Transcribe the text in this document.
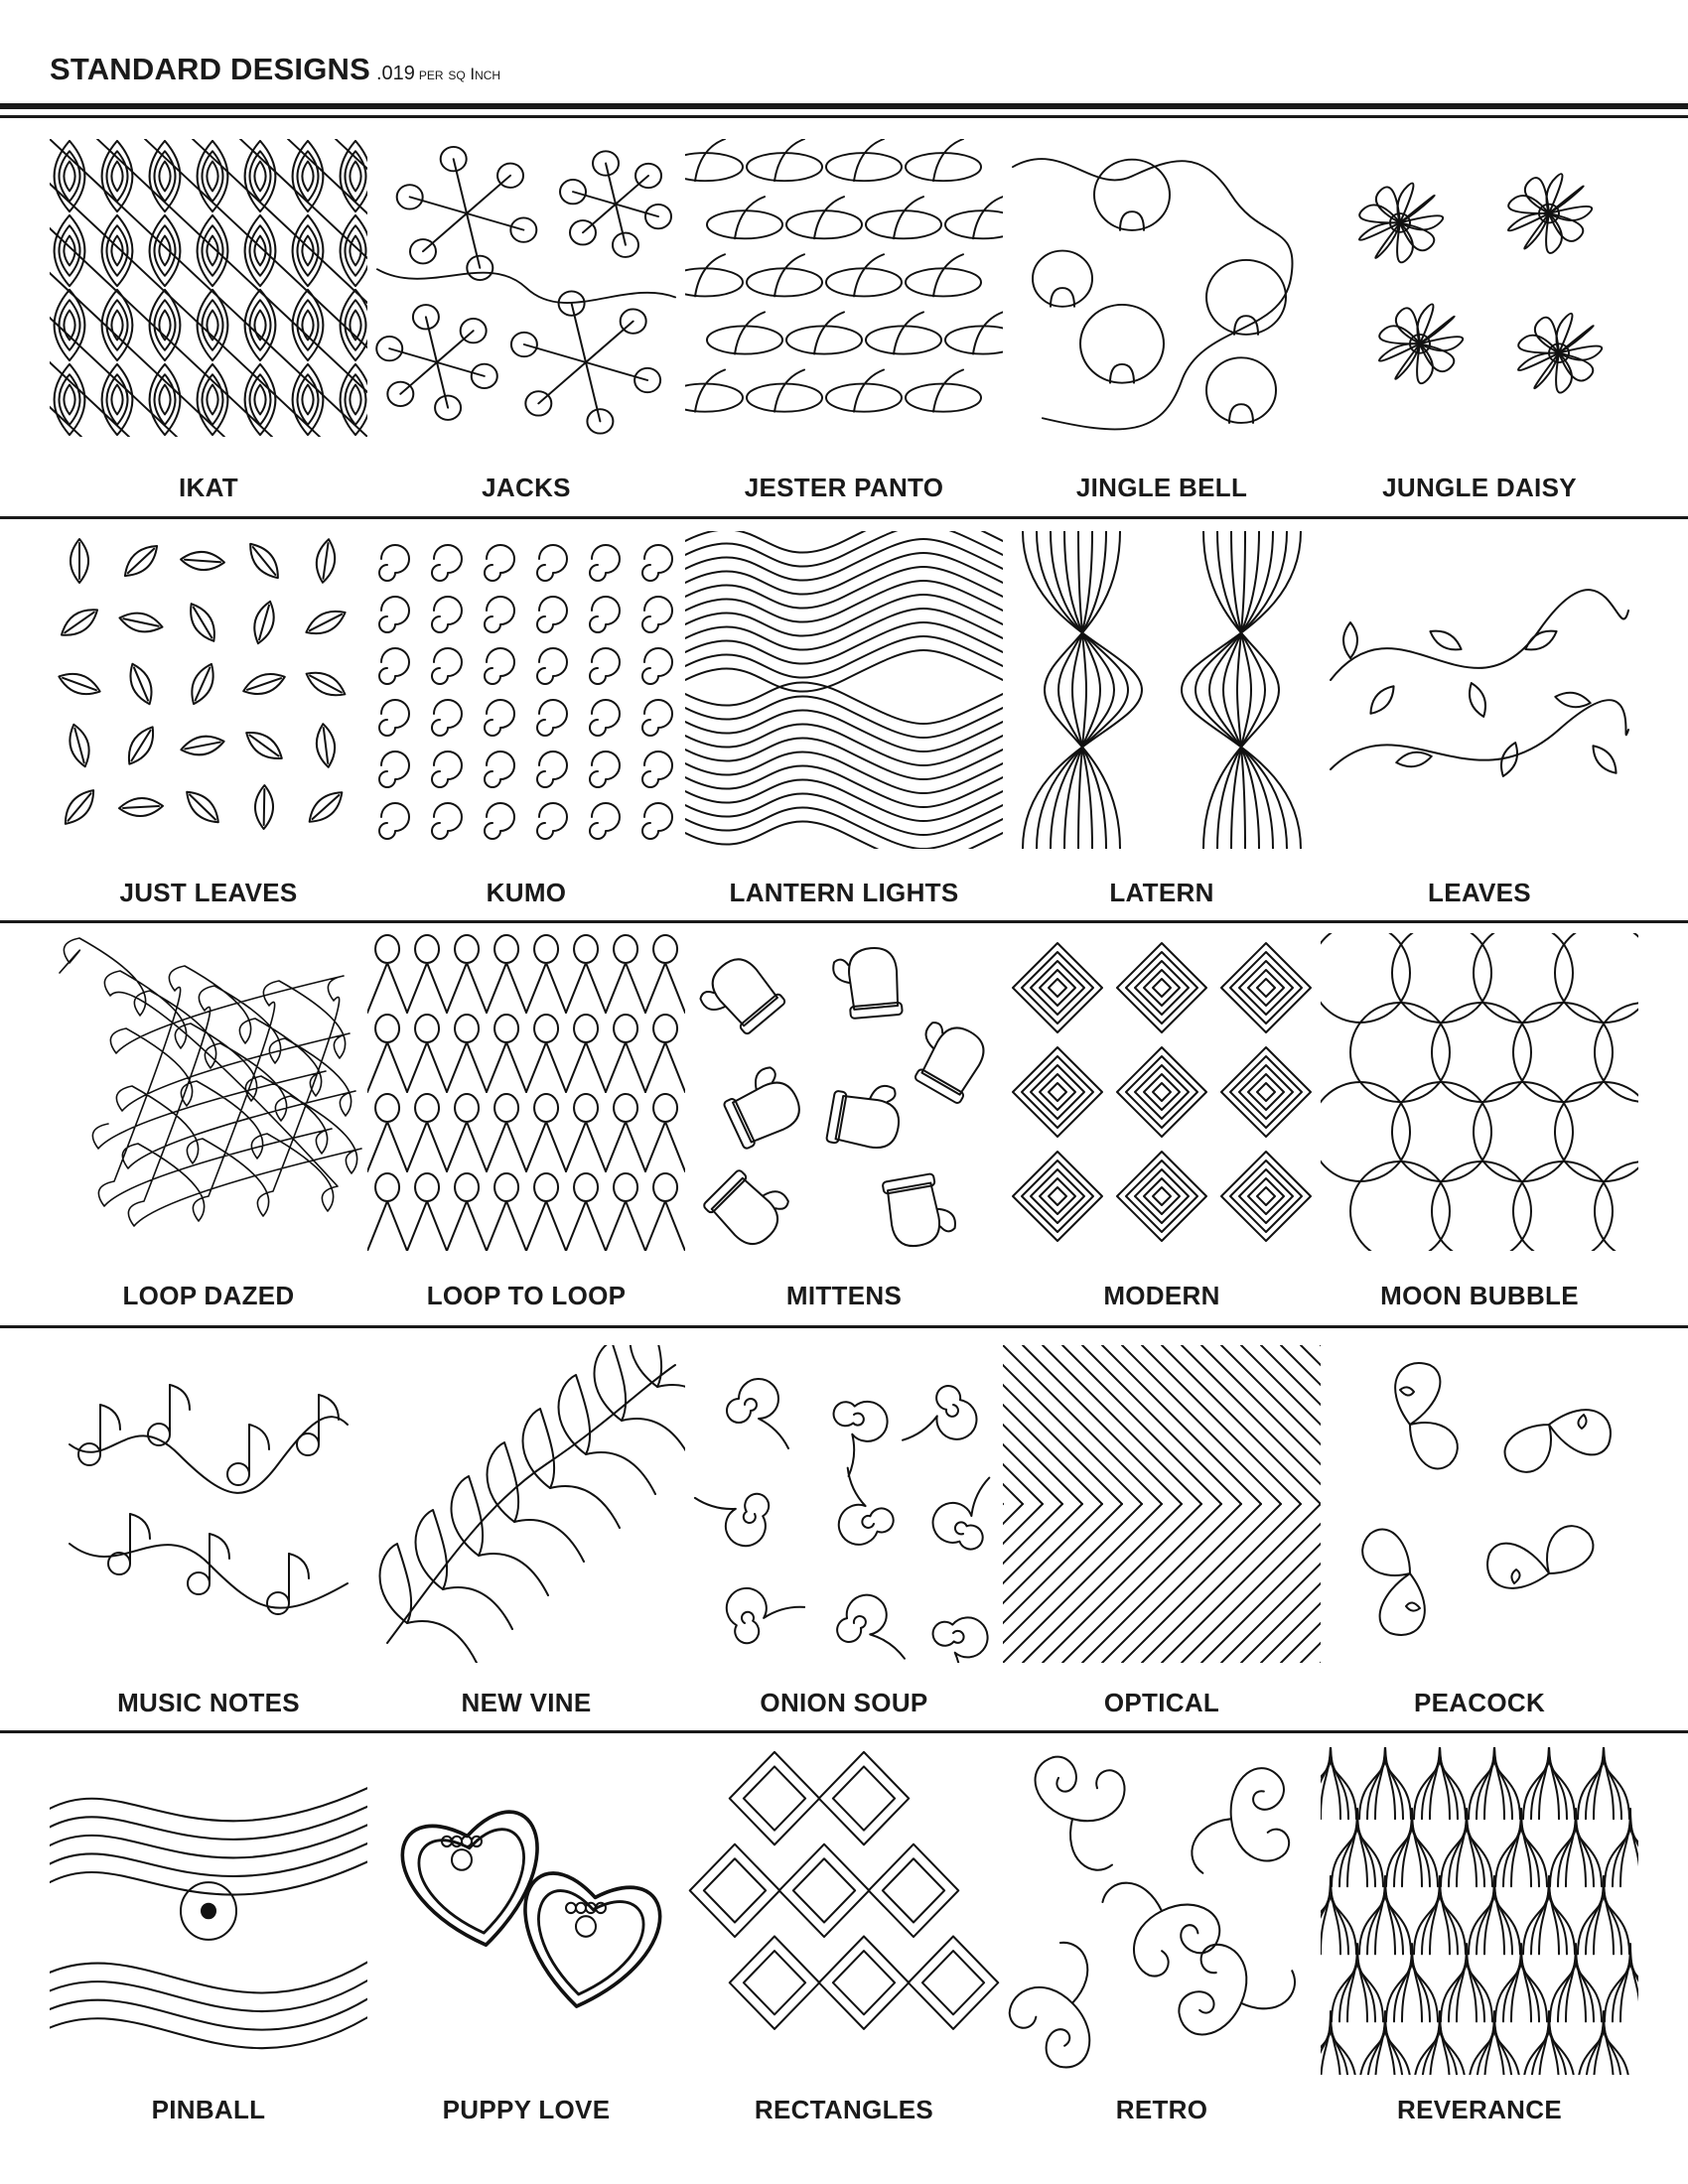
STANDARD DESIGNS .019 per sq Inch
IKAT	JACKS	JESTER PANTO	JINGLE BELL	JUNGLE DAISY
JUST LEAVES	KUMO	LANTERN LIGHTS	LATERN	LEAVES
LOOP DAZED	LOOP TO LOOP	MITTENS	MODERN	MOON BUBBLE
MUSIC NOTES	NEW VINE	ONION SOUP	OPTICAL	PEACOCK
PINBALL	PUPPY LOVE	RECTANGLES	RETRO	REVERANCE
